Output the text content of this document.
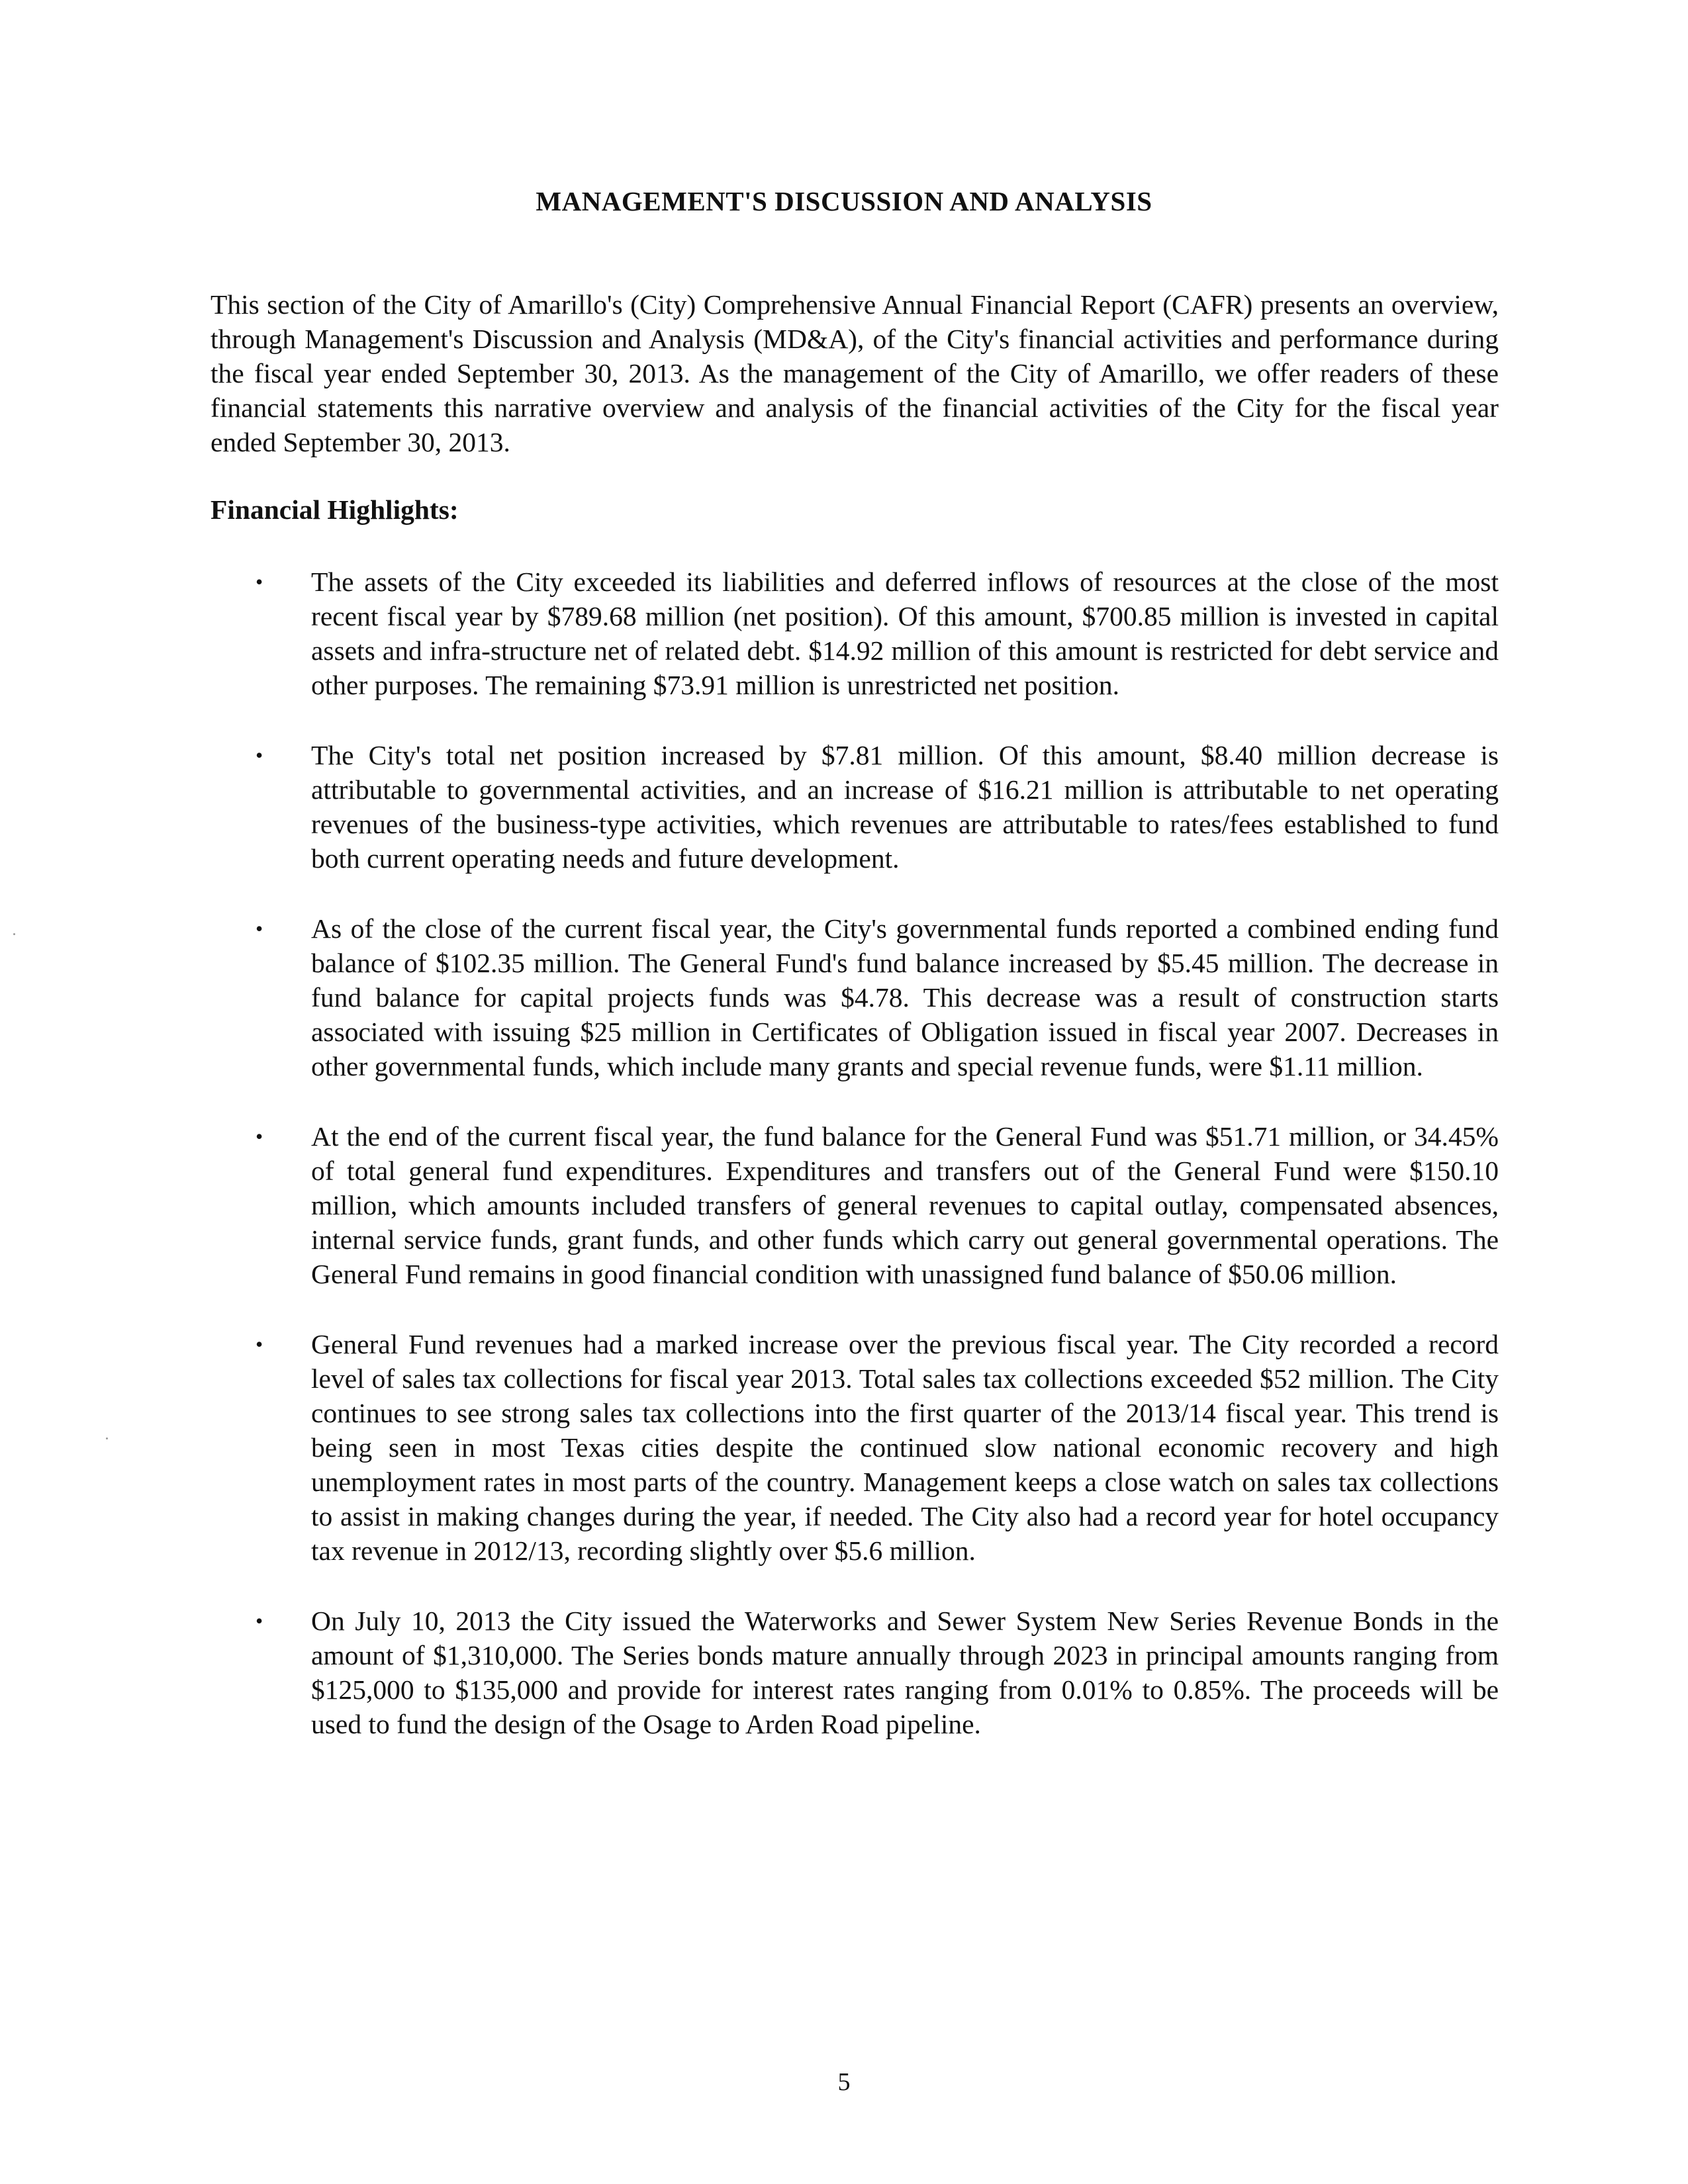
MANAGEMENT'S DISCUSSION AND ANALYSIS

This section of the City of Amarillo's (City) Comprehensive Annual Financial Report (CAFR) presents an overview, through Management's Discussion and Analysis (MD&A), of the City's financial activities and performance during the fiscal year ended September 30, 2013. As the management of the City of Amarillo, we offer readers of these financial statements this narrative overview and analysis of the financial activities of the City for the fiscal year ended September 30, 2013.

Financial Highlights:
• The assets of the City exceeded its liabilities and deferred inflows of resources at the close of the most recent fiscal year by $789.68 million (net position). Of this amount, $700.85 million is invested in capital assets and infra-structure net of related debt. $14.92 million of this amount is restricted for debt service and other purposes. The remaining $73.91 million is unrestricted net position.
• The City's total net position increased by $7.81 million. Of this amount, $8.40 million decrease is attributable to governmental activities, and an increase of $16.21 million is attributable to net operating revenues of the business-type activities, which revenues are attributable to rates/fees established to fund both current operating needs and future development.
• As of the close of the current fiscal year, the City's governmental funds reported a combined ending fund balance of $102.35 million. The General Fund's fund balance increased by $5.45 million. The decrease in fund balance for capital projects funds was $4.78. This decrease was a result of construction starts associated with issuing $25 million in Certificates of Obligation issued in fiscal year 2007. Decreases in other governmental funds, which include many grants and special revenue funds, were $1.11 million.
• At the end of the current fiscal year, the fund balance for the General Fund was $51.71 million, or 34.45% of total general fund expenditures. Expenditures and transfers out of the General Fund were $150.10 million, which amounts included transfers of general revenues to capital outlay, compensated absences, internal service funds, grant funds, and other funds which carry out general governmental operations. The General Fund remains in good financial condition with unassigned fund balance of $50.06 million.
• General Fund revenues had a marked increase over the previous fiscal year. The City recorded a record level of sales tax collections for fiscal year 2013. Total sales tax collections exceeded $52 million. The City continues to see strong sales tax collections into the first quarter of the 2013/14 fiscal year. This trend is being seen in most Texas cities despite the continued slow national economic recovery and high unemployment rates in most parts of the country. Management keeps a close watch on sales tax collections to assist in making changes during the year, if needed. The City also had a record year for hotel occupancy tax revenue in 2012/13, recording slightly over $5.6 million.
• On July 10, 2013 the City issued the Waterworks and Sewer System New Series Revenue Bonds in the amount of $1,310,000. The Series bonds mature annually through 2023 in principal amounts ranging from $125,000 to $135,000 and provide for interest rates ranging from 0.01% to 0.85%. The proceeds will be used to fund the design of the Osage to Arden Road pipeline.

5
